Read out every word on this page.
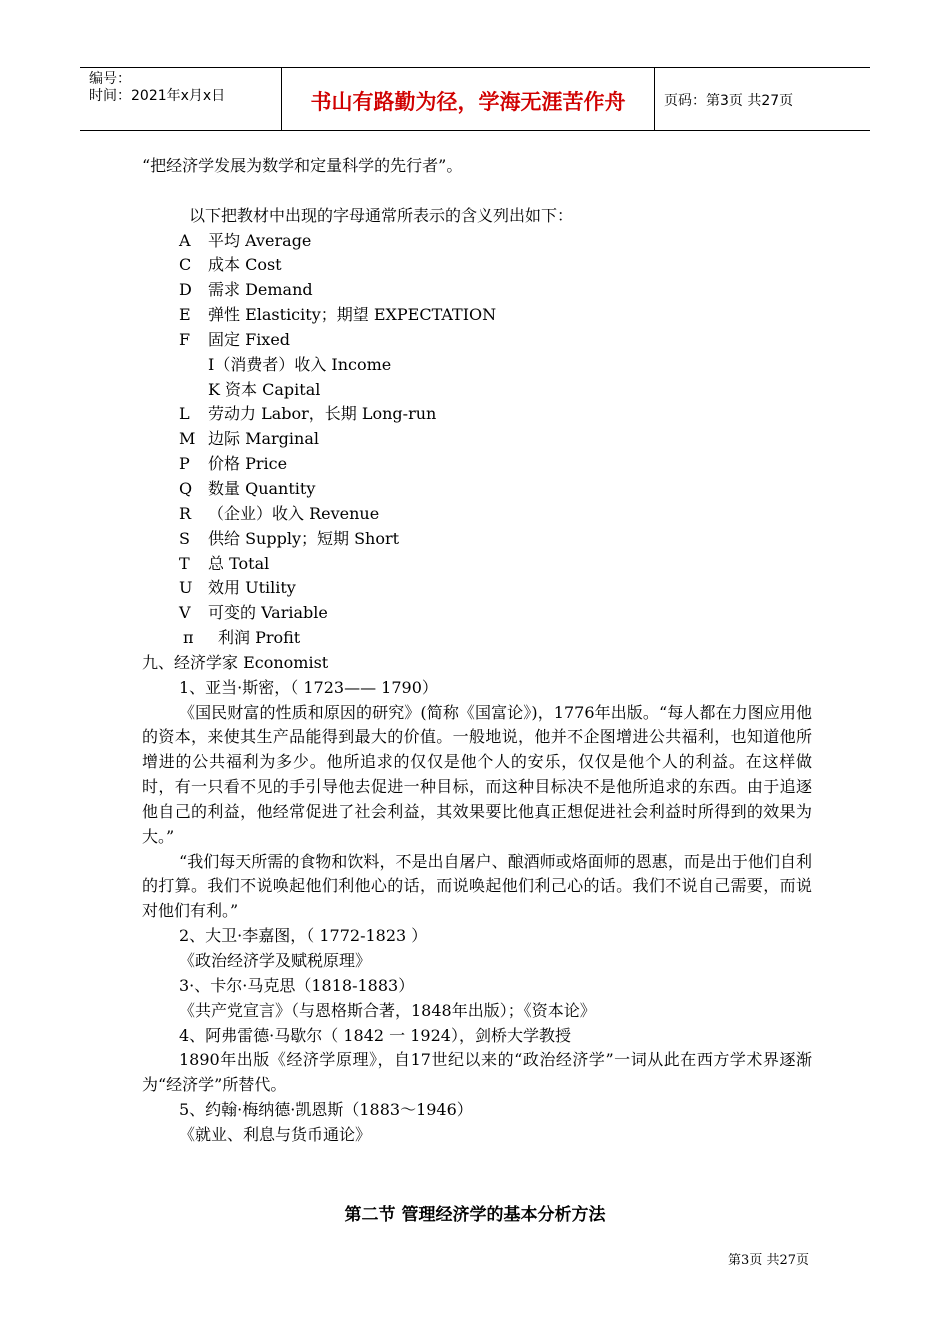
编号：
时间：2021年x月x日	书山有路勤为径，学海无涯苦作舟	页码：第3页 共27页

“把经济学发展为数学和定量科学的先行者”。

以下把教材中出现的字母通常所表示的含义列出如下：

A 平均 Average

C 成本 Cost

D 需求 Demand

E 弹性 Elasticity；期望 EXPECTATION

F 固定 Fixed

I（消费者）收入 Income

K 资本 Capital

L 劳动力 Labor，长期 Long-run

M 边际 Marginal

P 价格 Price

Q 数量 Quantity

R （企业）收入 Revenue

S 供给 Supply；短期 Short

T 总 Total

U 效用 Utility

V 可变的 Variable

π 利润 Profit

九、经济学家 Economist

1、亚当·斯密，（ 1723—— 1790）

《国民财富的性质和原因的研究》(简称《国富论》)，1776年出版。“每人都在力图应用他的资本，来使其生产品能得到最大的价值。一般地说，他并不企图增进公共福利，也知道他所增进的公共福利为多少。他所追求的仅仅是他个人的安乐，仅仅是他个人的利益。在这样做时，有一只看不见的手引导他去促进一种目标，而这种目标决不是他所追求的东西。由于追逐他自己的利益，他经常促进了社会利益，其效果要比他真正想促进社会利益时所得到的效果为大。”

“我们每天所需的食物和饮料，不是出自屠户、酿酒师或烙面师的恩惠，而是出于他们自利的打算。我们不说唤起他们利他心的话，而说唤起他们利己心的话。我们不说自己需要，而说对他们有利。”

2、大卫·李嘉图，（ 1772-1823 ）

《政治经济学及赋税原理》

3·、卡尔·马克思（1818-1883）

《共产党宣言》（与恩格斯合著，1848年出版）；《资本论》

4、阿弗雷德·马歇尔（ 1842 一 1924），剑桥大学教授

1890年出版《经济学原理》，自17世纪以来的“政治经济学”一词从此在西方学术界逐渐为“经济学”所替代。

5、约翰·梅纳德·凯恩斯（1883～1946）

《就业、利息与货币通论》

第二节 管理经济学的基本分析方法
第3页 共27页
